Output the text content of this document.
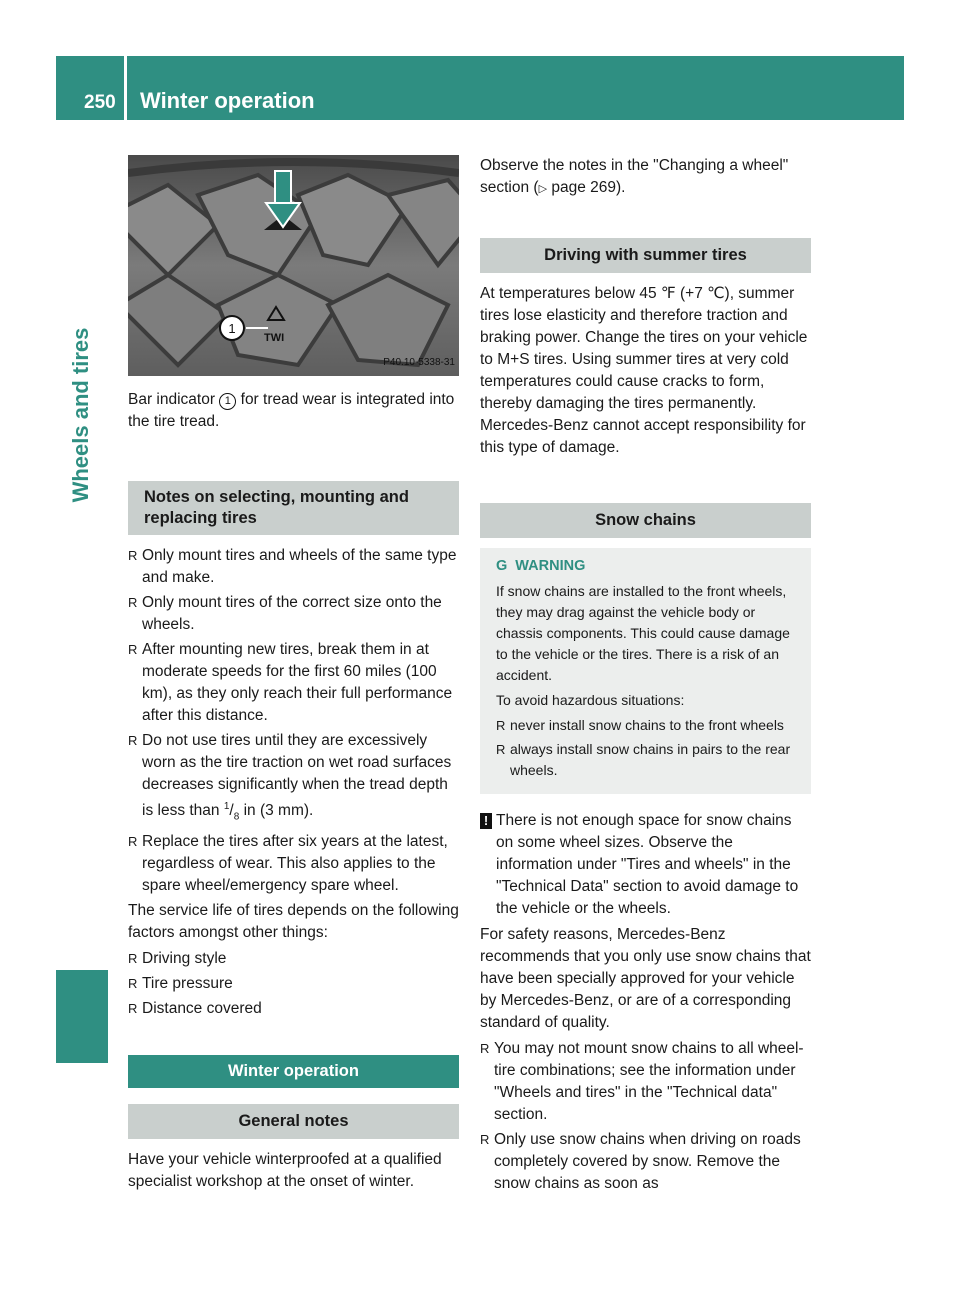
250 Winter operation
Wheels and tires	1
TWI
P40.10-5338-31

Bar indicator 1 for tread wear is integrated into the tire tread.

Notes on selecting, mounting and replacing tires
R Only mount tires and wheels of the same type and make.
R Only mount tires of the correct size onto the wheels.
R After mounting new tires, break them in at moderate speeds for the first 60 miles (100 km), as they only reach their full performance after this distance.
R Do not use tires until they are excessively worn as the tire traction on wet road surfaces decreases significantly when the tread depth is less than $^1/_8$ in (3 mm).
R Replace the tires after six years at the latest, regardless of wear. This also applies to the spare wheel/emergency spare wheel.

The service life of tires depends on the following factors amongst other things:

R Driving style
R Tire pressure
R Distance covered
Winter operation
General notes

Have your vehicle winterproofed at a qualified specialist workshop at the onset of winter.

Observe the notes in the "Changing a wheel" section (▷ page 269).

Driving with summer tires

At temperatures below 45 ℉ (+7 ℃), summer tires lose elasticity and therefore traction and braking power. Change the tires on your vehicle to M+S tires. Using summer tires at very cold temperatures could cause cracks to form, thereby damaging the tires permanently. Mercedes-Benz cannot accept responsibility for this type of damage.

Snow chains
G WARNING

If snow chains are installed to the front wheels, they may drag against the vehicle body or chassis components. This could cause damage to the vehicle or the tires. There is a risk of an accident.

To avoid hazardous situations:

R never install snow chains to the front wheels
R always install snow chains in pairs to the rear wheels.
! There is not enough space for snow chains on some wheel sizes. Observe the information under "Tires and wheels" in the "Technical Data" section to avoid damage to the vehicle or the wheels.

For safety reasons, Mercedes-Benz recommends that you only use snow chains that have been specially approved for your vehicle by Mercedes-Benz, or are of a corresponding standard of quality.

R You may not mount snow chains to all wheel-tire combinations; see the information under "Wheels and tires" in the "Technical data" section.
R Only use snow chains when driving on roads completely covered by snow. Remove the snow chains as soon as
